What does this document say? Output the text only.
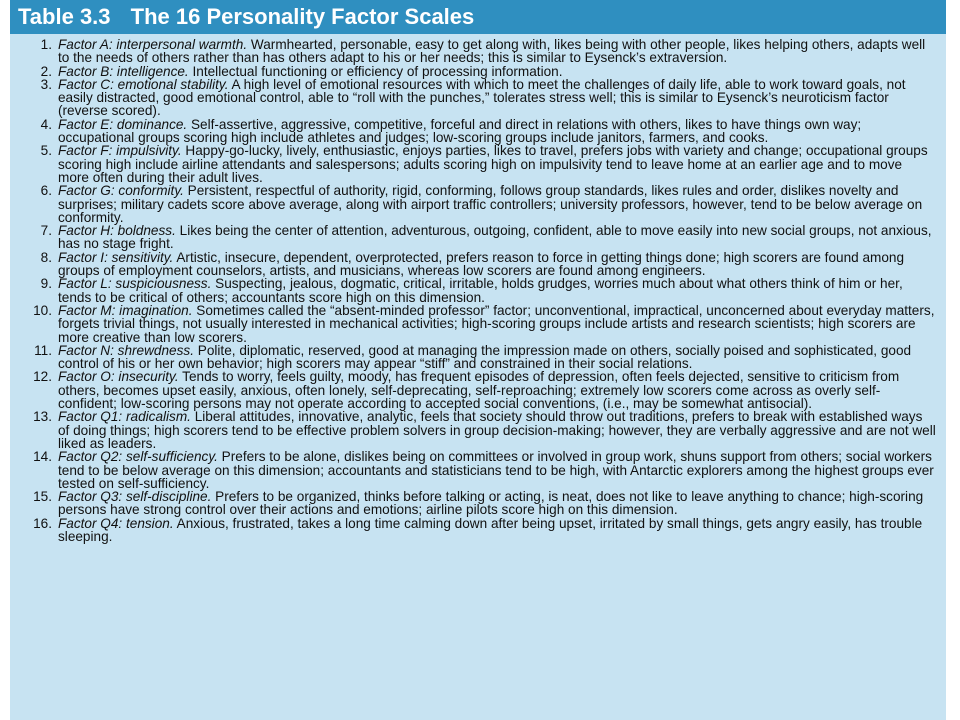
Table 3.3 The 16 Personality Factor Scales
1. Factor A: interpersonal warmth. Warmhearted, personable, easy to get along with, likes being with other people, likes helping others, adapts well to the needs of others rather than has others adapt to his or her needs; this is similar to Eysenck’s extraversion.
2. Factor B: intelligence. Intellectual functioning or efficiency of processing information.
3. Factor C: emotional stability. A high level of emotional resources with which to meet the challenges of daily life, able to work toward goals, not easily distracted, good emotional control, able to “roll with the punches,” tolerates stress well; this is similar to Eysenck’s neuroticism factor (reverse scored).
4. Factor E: dominance. Self-assertive, aggressive, competitive, forceful and direct in relations with others, likes to have things own way; occupational groups scoring high include athletes and judges; low-scoring groups include janitors, farmers, and cooks.
5. Factor F: impulsivity. Happy-go-lucky, lively, enthusiastic, enjoys parties, likes to travel, prefers jobs with variety and change; occupational groups scoring high include airline attendants and salespersons; adults scoring high on impulsivity tend to leave home at an earlier age and to move more often during their adult lives.
6. Factor G: conformity. Persistent, respectful of authority, rigid, conforming, follows group standards, likes rules and order, dislikes novelty and surprises; military cadets score above average, along with airport traffic controllers; university professors, however, tend to be below average on conformity.
7. Factor H: boldness. Likes being the center of attention, adventurous, outgoing, confident, able to move easily into new social groups, not anxious, has no stage fright.
8. Factor I: sensitivity. Artistic, insecure, dependent, overprotected, prefers reason to force in getting things done; high scorers are found among groups of employment counselors, artists, and musicians, whereas low scorers are found among engineers.
9. Factor L: suspiciousness. Suspecting, jealous, dogmatic, critical, irritable, holds grudges, worries much about what others think of him or her, tends to be critical of others; accountants score high on this dimension.
10. Factor M: imagination. Sometimes called the “absent-minded professor” factor; unconventional, impractical, unconcerned about everyday matters, forgets trivial things, not usually interested in mechanical activities; high-scoring groups include artists and research scientists; high scorers are more creative than low scorers.
11. Factor N: shrewdness. Polite, diplomatic, reserved, good at managing the impression made on others, socially poised and sophisticated, good control of his or her own behavior; high scorers may appear “stiff” and constrained in their social relations.
12. Factor O: insecurity. Tends to worry, feels guilty, moody, has frequent episodes of depression, often feels dejected, sensitive to criticism from others, becomes upset easily, anxious, often lonely, self-deprecating, self-reproaching; extremely low scorers come across as overly self-confident; low-scoring persons may not operate according to accepted social conventions, (i.e., may be somewhat antisocial).
13. Factor Q1: radicalism. Liberal attitudes, innovative, analytic, feels that society should throw out traditions, prefers to break with established ways of doing things; high scorers tend to be effective problem solvers in group decision-making; however, they are verbally aggressive and are not well liked as leaders.
14. Factor Q2: self-sufficiency. Prefers to be alone, dislikes being on committees or involved in group work, shuns support from others; social workers tend to be below average on this dimension; accountants and statisticians tend to be high, with Antarctic explorers among the highest groups ever tested on self-sufficiency.
15. Factor Q3: self-discipline. Prefers to be organized, thinks before talking or acting, is neat, does not like to leave anything to chance; high-scoring persons have strong control over their actions and emotions; airline pilots score high on this dimension.
16. Factor Q4: tension. Anxious, frustrated, takes a long time calming down after being upset, irritated by small things, gets angry easily, has trouble sleeping.
